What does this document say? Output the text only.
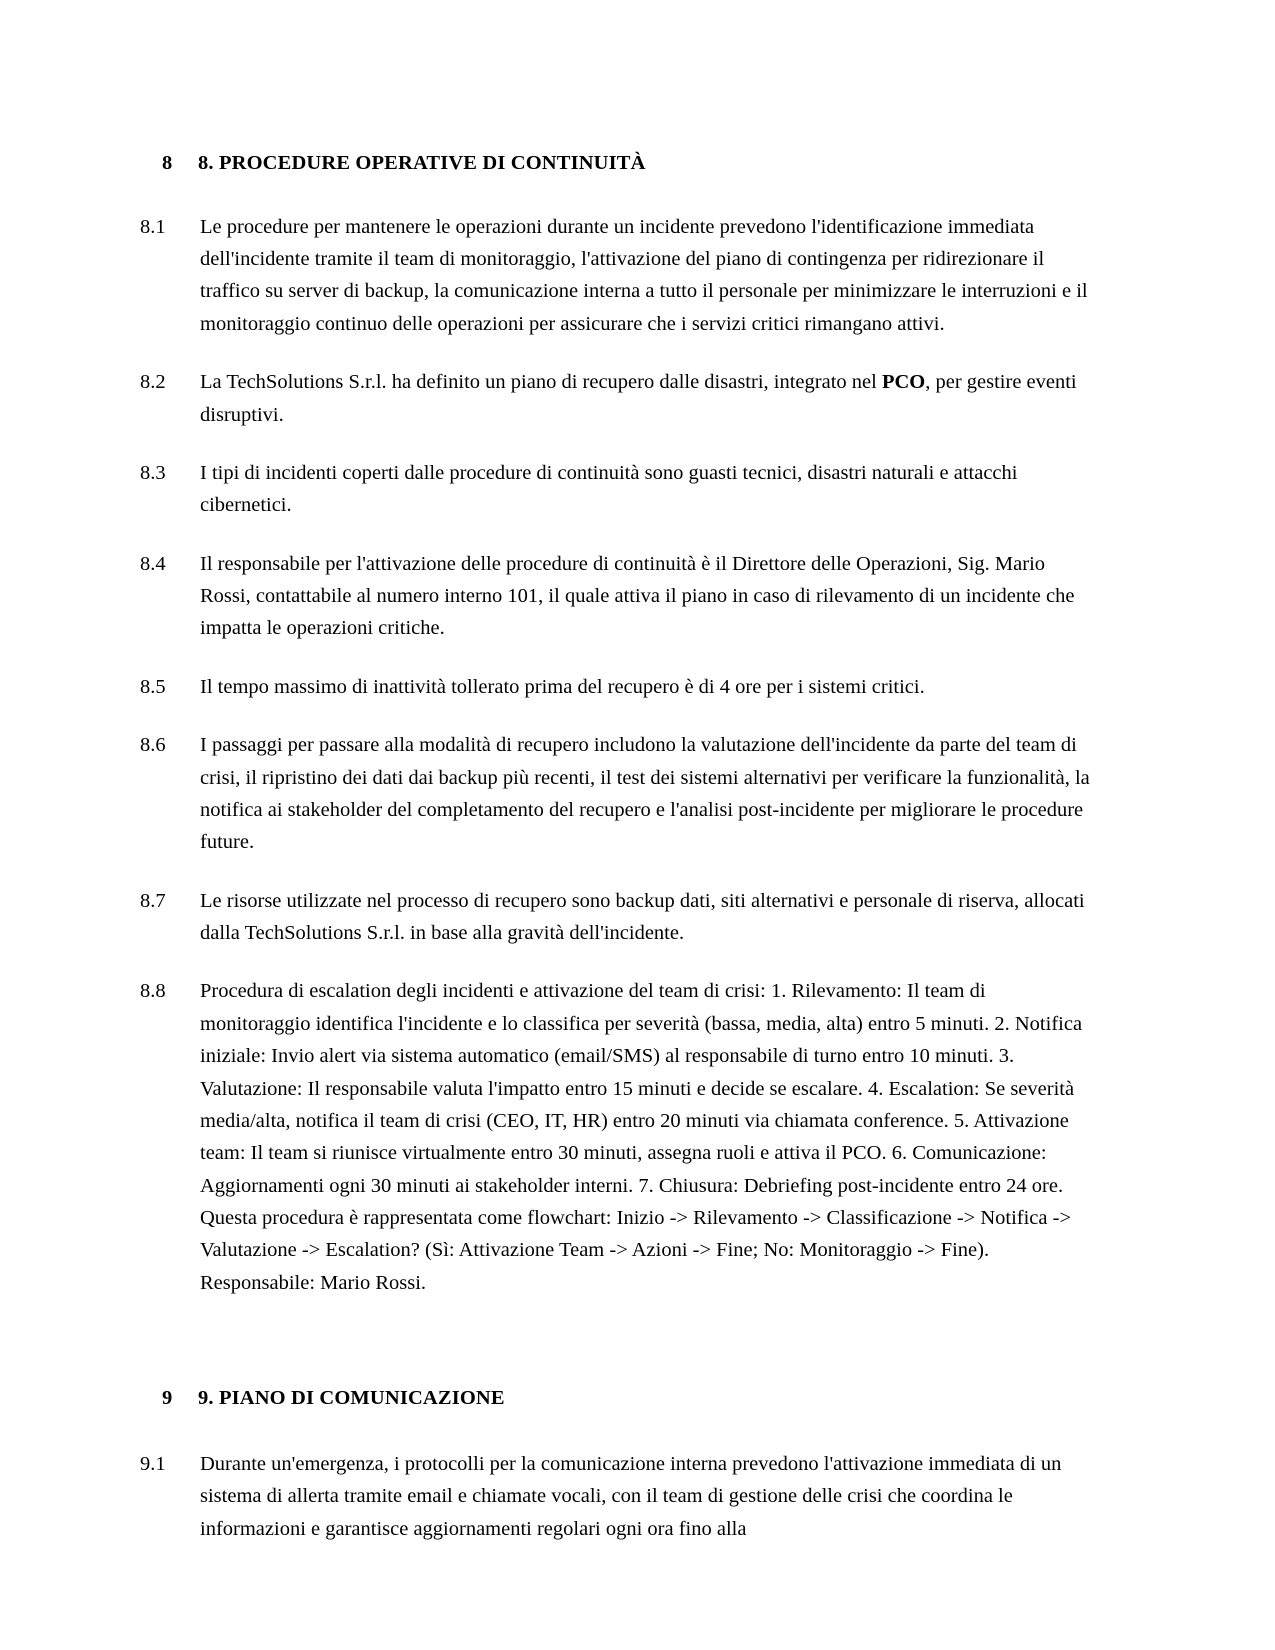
8	8. PROCEDURE OPERATIVE DI CONTINUITÀ
8.1	Le procedure per mantenere le operazioni durante un incidente prevedono l'identificazione immediata dell'incidente tramite il team di monitoraggio, l'attivazione del piano di contingenza per ridirezionare il traffico su server di backup, la comunicazione interna a tutto il personale per minimizzare le interruzioni e il monitoraggio continuo delle operazioni per assicurare che i servizi critici rimangano attivi.
8.2	La TechSolutions S.r.l. ha definito un piano di recupero dalle disastri, integrato nel PCO, per gestire eventi disruptivi.
8.3	I tipi di incidenti coperti dalle procedure di continuità sono guasti tecnici, disastri naturali e attacchi cibernetici.
8.4	Il responsabile per l'attivazione delle procedure di continuità è il Direttore delle Operazioni, Sig. Mario Rossi, contattabile al numero interno 101, il quale attiva il piano in caso di rilevamento di un incidente che impatta le operazioni critiche.
8.5	Il tempo massimo di inattività tollerato prima del recupero è di 4 ore per i sistemi critici.
8.6	I passaggi per passare alla modalità di recupero includono la valutazione dell'incidente da parte del team di crisi, il ripristino dei dati dai backup più recenti, il test dei sistemi alternativi per verificare la funzionalità, la notifica ai stakeholder del completamento del recupero e l'analisi post-incidente per migliorare le procedure future.
8.7	Le risorse utilizzate nel processo di recupero sono backup dati, siti alternativi e personale di riserva, allocati dalla TechSolutions S.r.l. in base alla gravità dell'incidente.
8.8	Procedura di escalation degli incidenti e attivazione del team di crisi: 1. Rilevamento: Il team di monitoraggio identifica l'incidente e lo classifica per severità (bassa, media, alta) entro 5 minuti. 2. Notifica iniziale: Invio alert via sistema automatico (email/SMS) al responsabile di turno entro 10 minuti. 3. Valutazione: Il responsabile valuta l'impatto entro 15 minuti e decide se escalare. 4. Escalation: Se severità media/alta, notifica il team di crisi (CEO, IT, HR) entro 20 minuti via chiamata conference. 5. Attivazione team: Il team si riunisce virtualmente entro 30 minuti, assegna ruoli e attiva il PCO. 6. Comunicazione: Aggiornamenti ogni 30 minuti ai stakeholder interni. 7. Chiusura: Debriefing post-incidente entro 24 ore. Questa procedura è rappresentata come flowchart: Inizio -> Rilevamento -> Classificazione -> Notifica -> Valutazione -> Escalation? (Sì: Attivazione Team -> Azioni -> Fine; No: Monitoraggio -> Fine). Responsabile: Mario Rossi.
9	9. PIANO DI COMUNICAZIONE
9.1	Durante un'emergenza, i protocolli per la comunicazione interna prevedono l'attivazione immediata di un sistema di allerta tramite email e chiamate vocali, con il team di gestione delle crisi che coordina le informazioni e garantisce aggiornamenti regolari ogni ora fino alla
